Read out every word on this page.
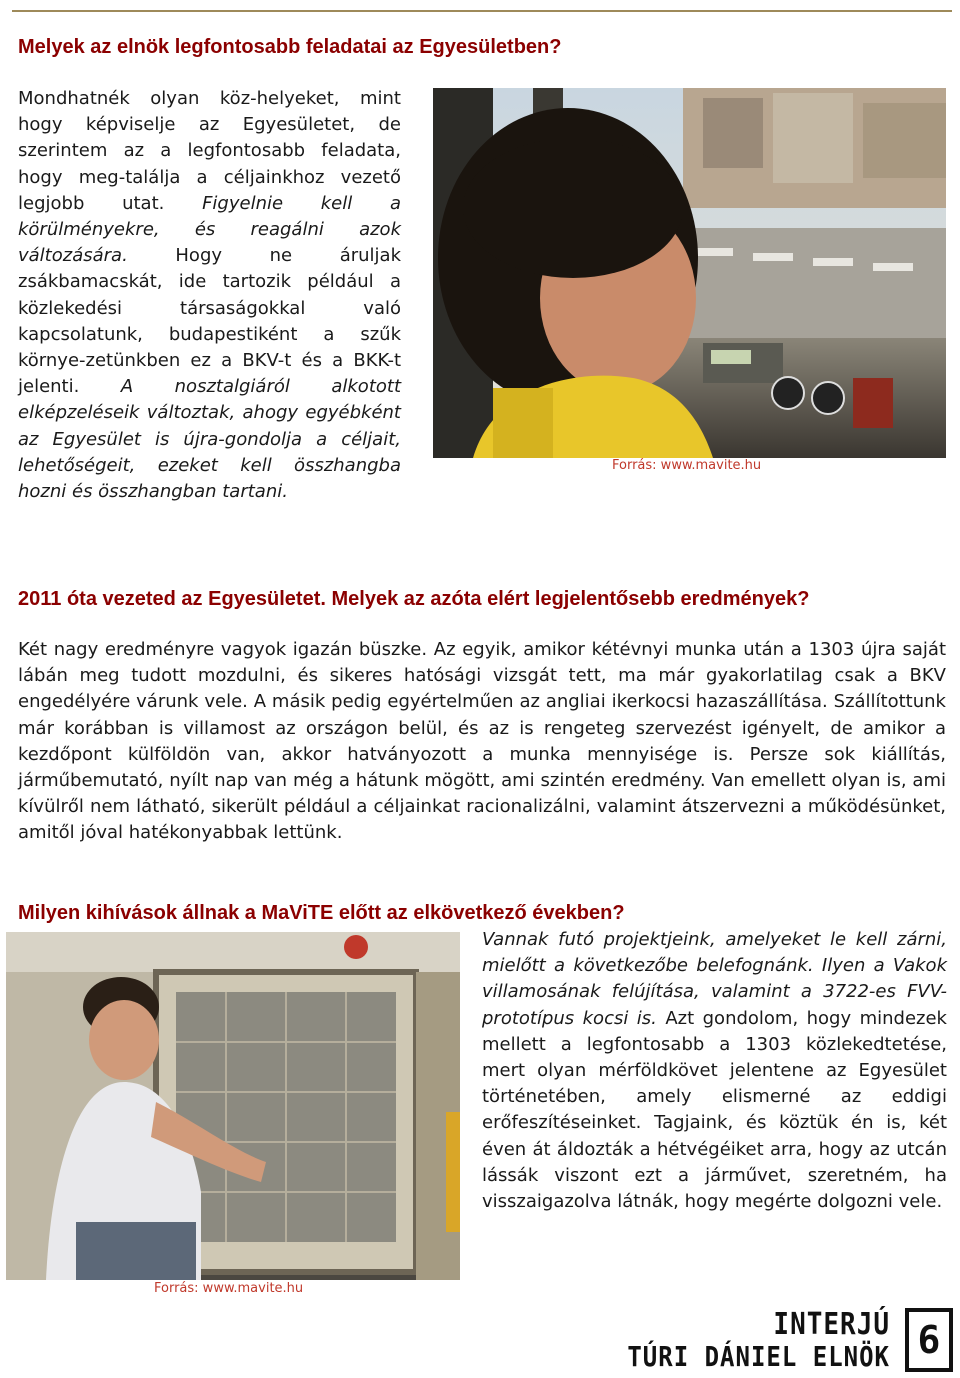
Melyek az elnök legfontosabb feladatai az Egyesületben?

Mondhatnék olyan köz-helyeket, mint hogy képviselje az Egyesületet, de szerintem az a legfontosabb feladata, hogy meg-találja a céljainkhoz vezető legjobb utat. Figyelnie kell a körülményekre, és reagálni azok változására. Hogy ne áruljak zsákbamacskát, ide tartozik például a közlekedési társaságokkal való kapcsolatunk, budapestiként a szűk környe-zetünkben ez a BKV-t és a BKK-t jelenti. A nosztalgiáról alkotott elképzeléseik változtak, ahogy egyébként az Egyesület is újra-gondolja a céljait, lehetőségeit, ezeket kell összhangba hozni és összhangban tartani.

Forrás: www.mavite.hu
2011 óta vezeted az Egyesületet. Melyek az azóta elért legjelentősebb eredmények?

Két nagy eredményre vagyok igazán büszke. Az egyik, amikor kétévnyi munka után a 1303 újra saját lábán meg tudott mozdulni, és sikeres hatósági vizsgát tett, ma már gyakorlatilag csak a BKV engedélyére várunk vele. A másik pedig egyértelműen az angliai ikerkocsi hazaszállítása. Szállítottunk már korábban is villamost az országon belül, és az is rengeteg szervezést igényelt, de amikor a kezdőpont külföldön van, akkor hatványozott a munka mennyisége is. Persze sok kiállítás, járműbemutató, nyílt nap van még a hátunk mögött, ami szintén eredmény. Van emellett olyan is, ami kívülről nem látható, sikerült például a céljainkat racionalizálni, valamint átszervezni a működésünket, amitől jóval hatékonyabbak lettünk.

Milyen kihívások állnak a MaViTE előtt az elkövetkező években?
Forrás: www.mavite.hu

Vannak futó projektjeink, amelyeket le kell zárni, mielőtt a következőbe belefognánk. Ilyen a Vakok villamosának felújítása, valamint a 3722-es FVV-prototípus kocsi is. Azt gondolom, hogy mindezek mellett a legfontosabb a 1303 közlekedtetése, mert olyan mérföldkövet jelentene az Egyesület történetében, amely elismerné az eddigi erőfeszítéseinket. Tagjaink, és köztük én is, két éven át áldozták a hétvégéiket arra, hogy az utcán lássák viszont ezt a járművet, szeretném, ha visszaigazolva látnák, hogy megérte dolgozni vele.

INTERJÚ
TÚRI DÁNIEL ELNÖK 6
